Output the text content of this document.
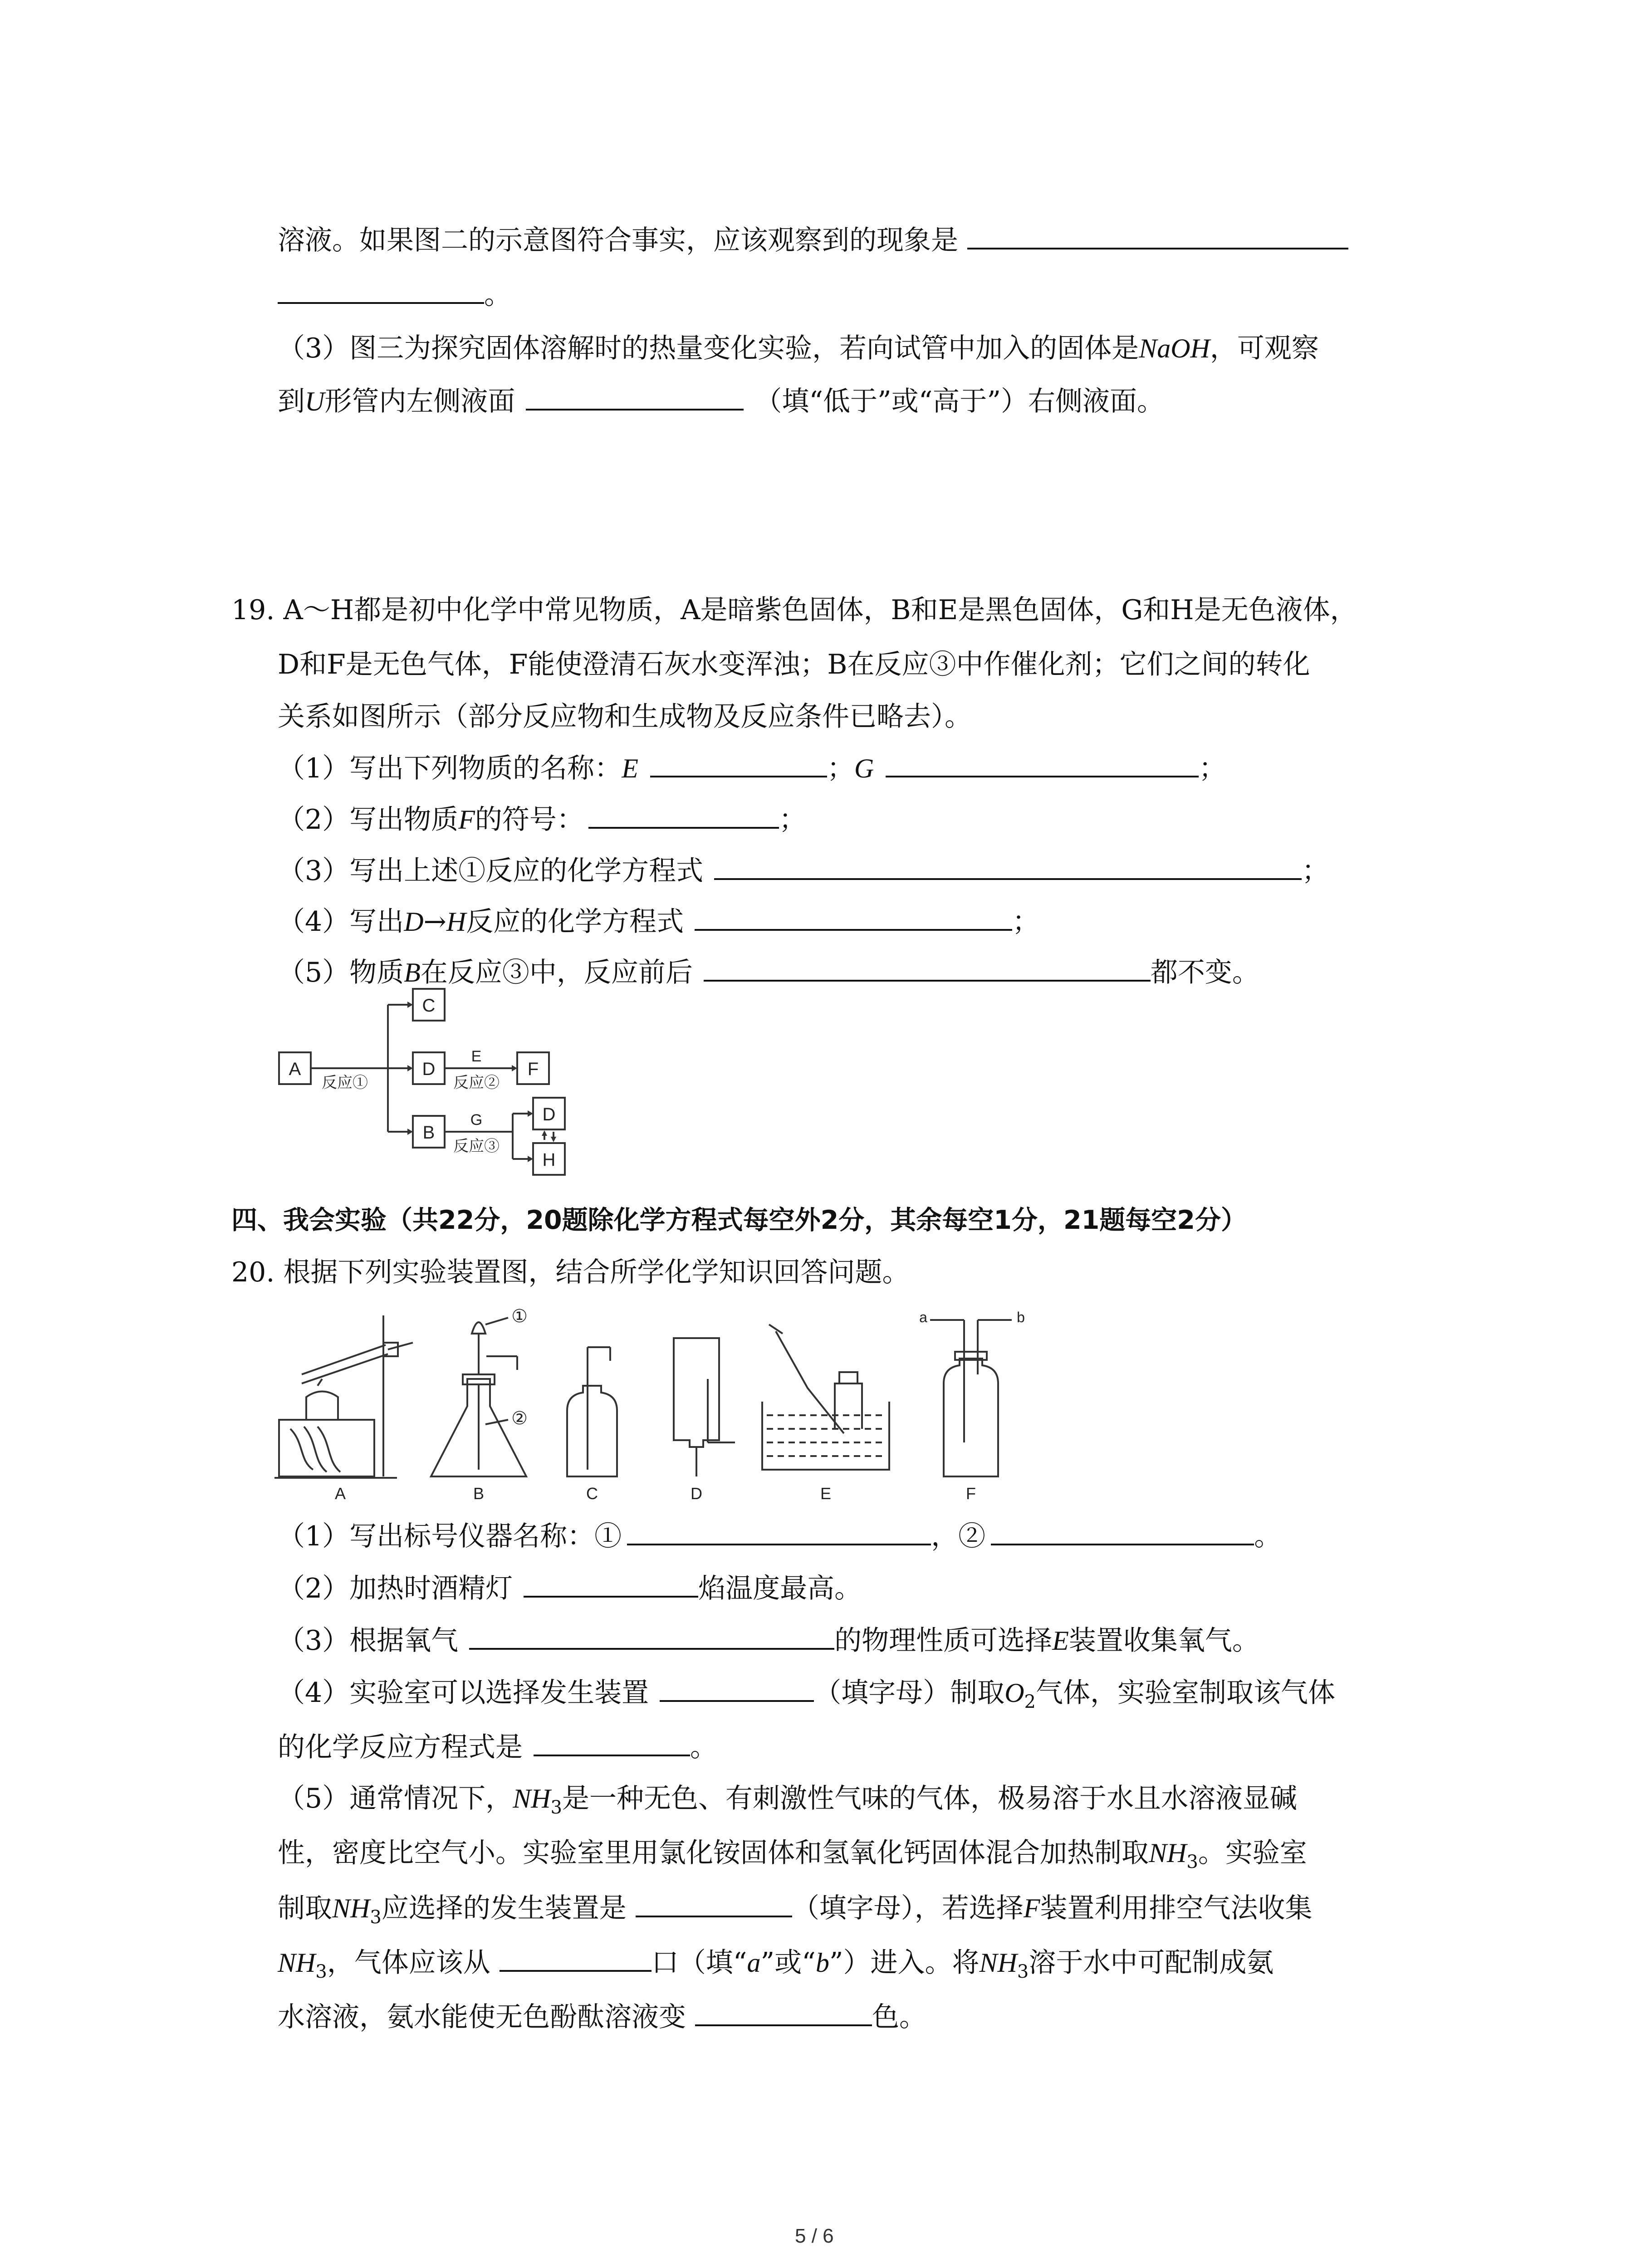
溶液。如果图二的示意图符合事实，应该观察到的现象是
。
（3）图三为探究固体溶解时的热量变化实验，若向试管中加入的固体是NaOH，可观察
到U形管内左侧液面	（填“低于”或“高于”）右侧液面。
19. A～H都是初中化学中常见物质，A是暗紫色固体，B和E是黑色固体，G和H是无色液体，
D和F是无色气体，F能使澄清石灰水变浑浊；B在反应③中作催化剂；它们之间的转化
关系如图所示（部分反应物和生成物及反应条件已略去）。
（1）写出下列物质的名称：E	；G	；
（2）写出物质F的符号：	；
（3）写出上述①反应的化学方程式	；
（4）写出D→H反应的化学方程式	；
（5）物质B在反应③中，反应前后	都不变。
A
C
D	F
B
D
H
E
G
反应①	反应②
反应③
四、我会实验（共22分，20题除化学方程式每空外2分，其余每空1分，21题每空2分）
20. 根据下列实验装置图，结合所学化学知识回答问题。
A	B	C	D	E	F
①
②
a	b
（1）写出标号仪器名称：①	，②	。
（2）加热时酒精灯	焰温度最高。
（3）根据氧气	的物理性质可选择E装置收集氧气。
（4）实验室可以选择发生装置	（填字母）制取$O_2$气体，实验室制取该气体
的化学反应方程式是	。
（5）通常情况下，$NH_3$是一种无色、有刺激性气味的气体，极易溶于水且水溶液显碱
性，密度比空气小。实验室里用氯化铵固体和氢氧化钙固体混合加热制取$NH_3$。实验室
制取$NH_3$应选择的发生装置是	（填字母），若选择F装置利用排空气法收集
$NH_3$，气体应该从	口（填“a”或“b”）进入。将$NH_3$溶于水中可配制成氨
水溶液，氨水能使无色酚酞溶液变	色。
5 / 6
